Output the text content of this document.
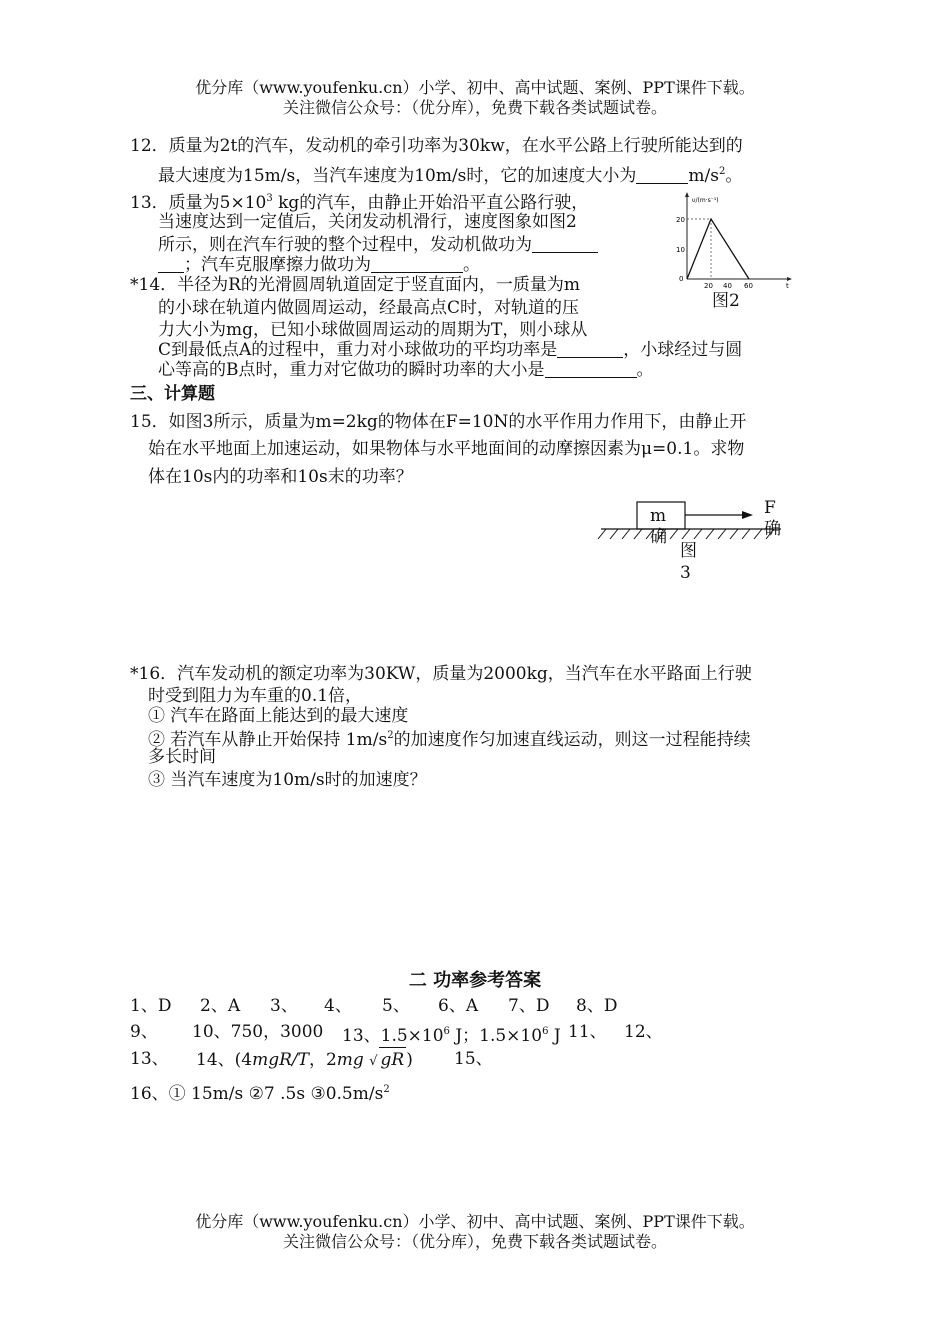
优分库（www.youfenku.cn）小学、初中、高中试题、案例、PPT课件下载。
关注微信公众号：（优分库），免费下载各类试题试卷。
12．质量为2t的汽车，发动机的牵引功率为30kw，在水平公路上行驶所能达到的
最大速度为15m/s，当汽车速度为10m/s时，它的加速度大小为	$m/s^2$。
13．质量为$5\times 10^3$ kg的汽车，由静止开始沿平直公路行驶，
当速度达到一定值后，关闭发动机滑行，速度图象如图2
所示，则在汽车行驶的整个过程中，发动机做功为
；汽车克服摩擦力做功为	。
υ/(m·s⁻¹)
t
20
10
0
20 40 60
图2
*14．半径为R的光滑圆周轨道固定于竖直面内，一质量为m
的小球在轨道内做圆周运动，经最高点C时，对轨道的压
力大小为mg，已知小球做圆周运动的周期为T，则小球从
C到最低点A的过程中，重力对小球做功的平均功率是	，小球经过与圆
心等高的B点时，重力对它做功的瞬时功率的大小是	。
三、计算题
15．如图3所示，质量为m=2kg的物体在F=10N的水平作用力作用下，由静止开
始在水平地面上加速运动，如果物体与水平地面间的动摩擦因素为μ=0.1。求物
体在10s内的功率和10s末的功率？
m
确
F
确
图
3
*16．汽车发动机的额定功率为30KW，质量为2000kg，当汽车在水平路面上行驶
时受到阻力为车重的0.1倍，
① 汽车在路面上能达到的最大速度
② 若汽车从静止开始保持 $1m/s^2$的加速度作匀加速直线运动，则这一过程能持续
多长时间
③ 当汽车速度为10m/s时的加速度？
二 功率参考答案
1、D 2、A 3、 4、 5、 6、A 7、D 8、D
9、 10、750，3000 13、$1.5\times 10^6$ J；$1.5\times 10^6$ J 11、 12、
13、 14、(4mgR/T，2mg √ gR ) 15、
16、① 15m/s ②7 .5s $③0.5m/s^2$
优分库（www.youfenku.cn）小学、初中、高中试题、案例、PPT课件下载。
关注微信公众号：（优分库），免费下载各类试题试卷。
